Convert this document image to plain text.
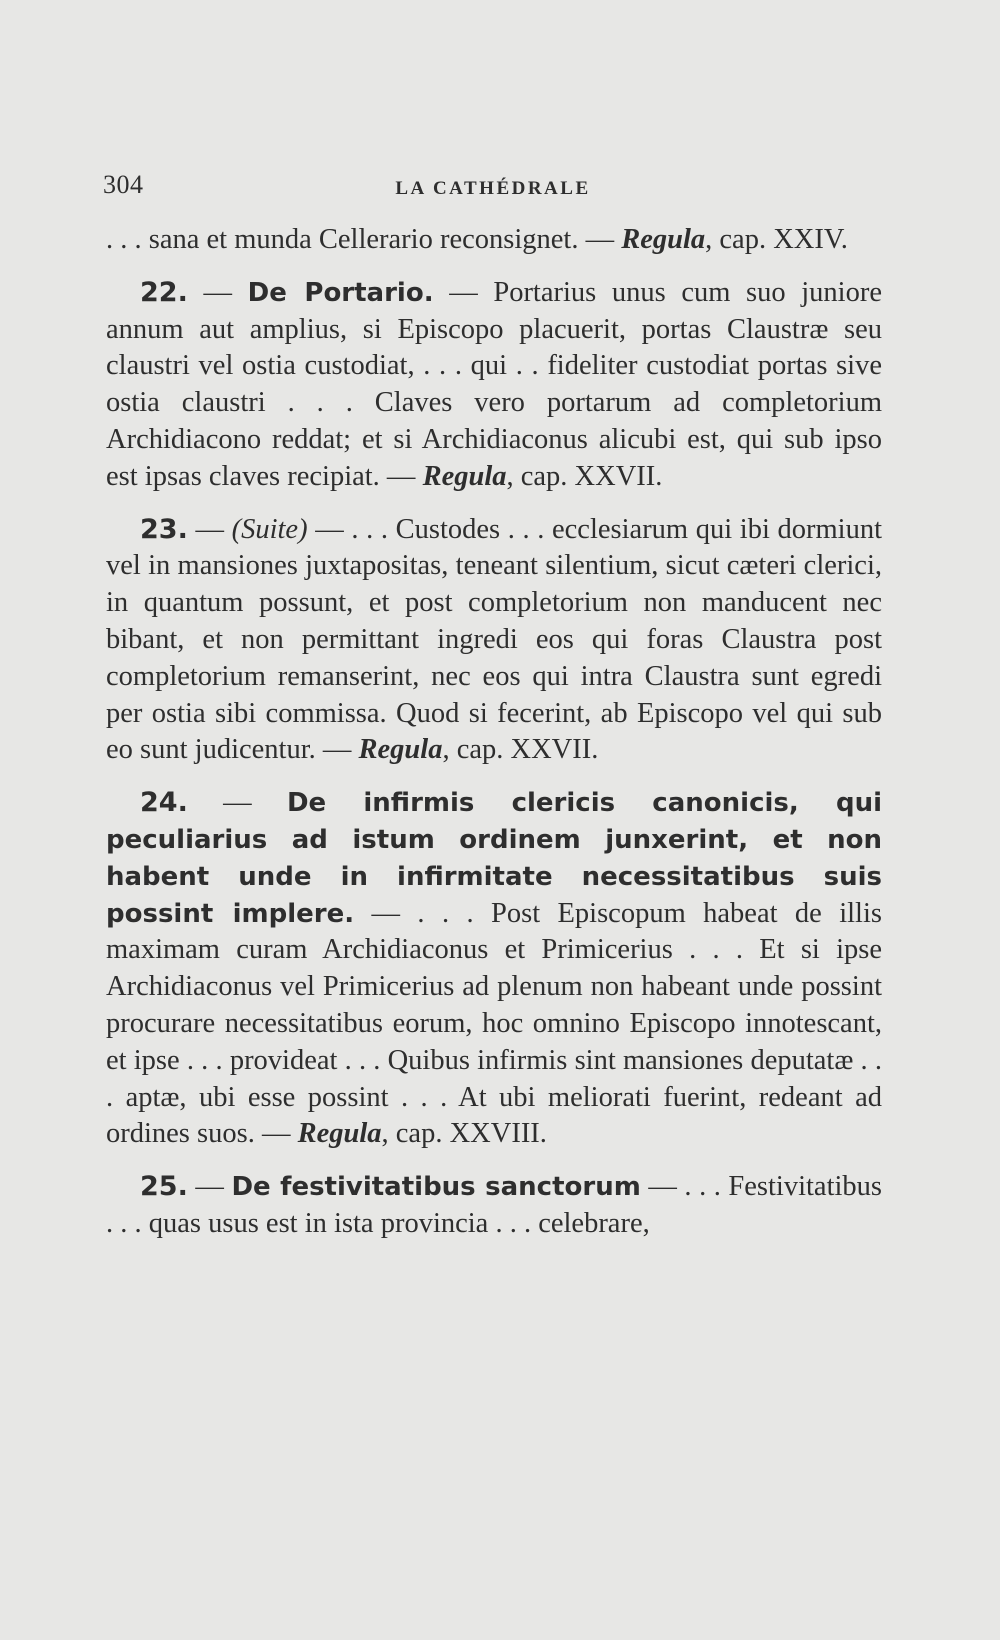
304	LA CATHÉDRALE

. . . sana et munda Cellerario reconsignet. — Regula, cap. XXIV.

22. — De Portario. — Portarius unus cum suo juniore annum aut amplius, si Episcopo placuerit, portas Claustræ seu claustri vel ostia custodiat, . . . qui . . fideliter custodiat portas sive ostia claustri . . . Claves vero portarum ad completorium Archidiacono reddat; et si Archidiaconus alicubi est, qui sub ipso est ipsas claves recipiat. — Regula, cap. XXVII.

23. — (Suite) — . . . Custodes . . . ecclesiarum qui ibi dormiunt vel in mansiones juxtapositas, teneant silentium, sicut cæteri clerici, in quantum possunt, et post completorium non manducent nec bibant, et non permittant ingredi eos qui foras Claustra post completorium remanserint, nec eos qui intra Claustra sunt egredi per ostia sibi commissa. Quod si fecerint, ab Episcopo vel qui sub eo sunt judicentur. — Regula, cap. XXVII.

24. — De infirmis clericis canonicis, qui peculiarius ad istum ordinem junxerint, et non habent unde in infirmitate necessitatibus suis possint implere. — . . . Post Episcopum habeat de illis maximam curam Archidiaconus et Primicerius . . . Et si ipse Archidiaconus vel Primicerius ad plenum non habeant unde possint procurare necessitatibus eorum, hoc omnino Episcopo innotescant, et ipse . . . provideat . . . Quibus infirmis sint mansiones deputatæ . . . aptæ, ubi esse possint . . . At ubi meliorati fuerint, redeant ad ordines suos. — Regula, cap. XXVIII.

25. — De festivitatibus sanctorum — . . . Festivitatibus . . . quas usus est in ista provincia . . . celebrare,
